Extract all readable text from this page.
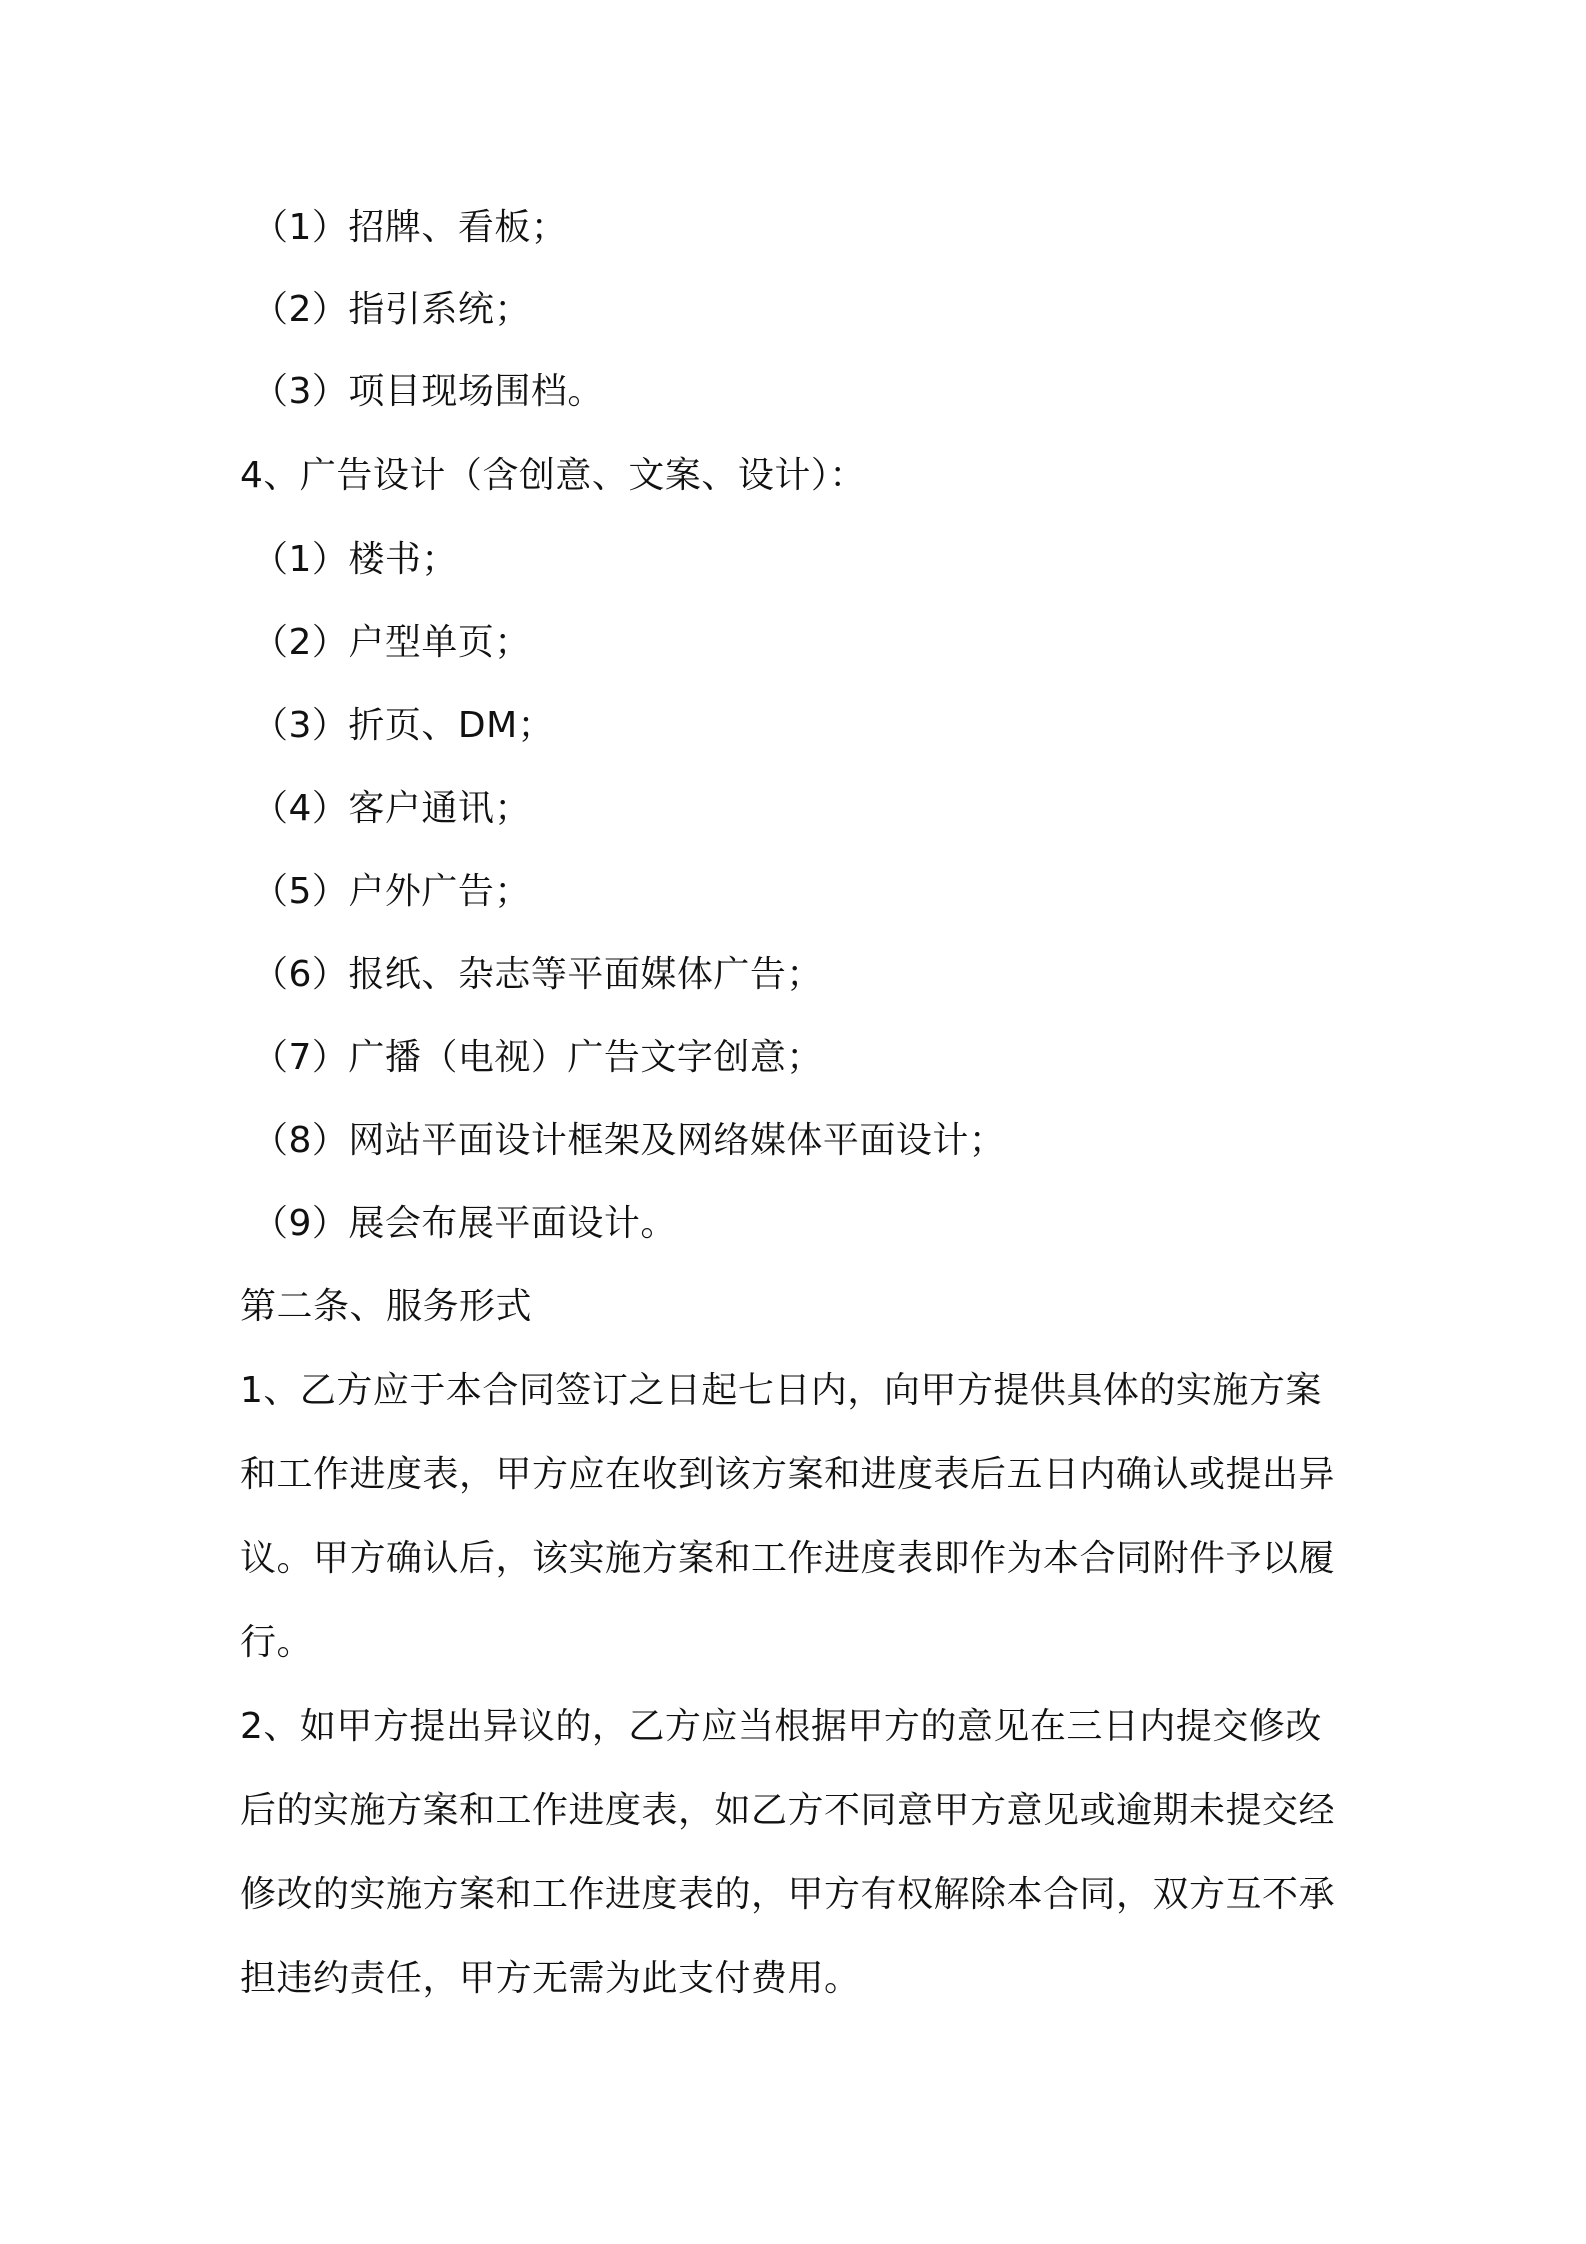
（1）招牌、看板；
（2）指引系统；
（3）项目现场围档。
4、广告设计（含创意、文案、设计）：
（1）楼书；
（2）户型单页；
（3）折页、DM；
（4）客户通讯；
（5）户外广告；
（6）报纸、杂志等平面媒体广告；
（7）广播（电视）广告文字创意；
（8）网站平面设计框架及网络媒体平面设计；
（9）展会布展平面设计。
第二条、服务形式
1、乙方应于本合同签订之日起七日内，向甲方提供具体的实施方案
和工作进度表，甲方应在收到该方案和进度表后五日内确认或提出异
议。甲方确认后，该实施方案和工作进度表即作为本合同附件予以履
行。
2、如甲方提出异议的，乙方应当根据甲方的意见在三日内提交修改
后的实施方案和工作进度表，如乙方不同意甲方意见或逾期未提交经
修改的实施方案和工作进度表的，甲方有权解除本合同，双方互不承
担违约责任，甲方无需为此支付费用。
